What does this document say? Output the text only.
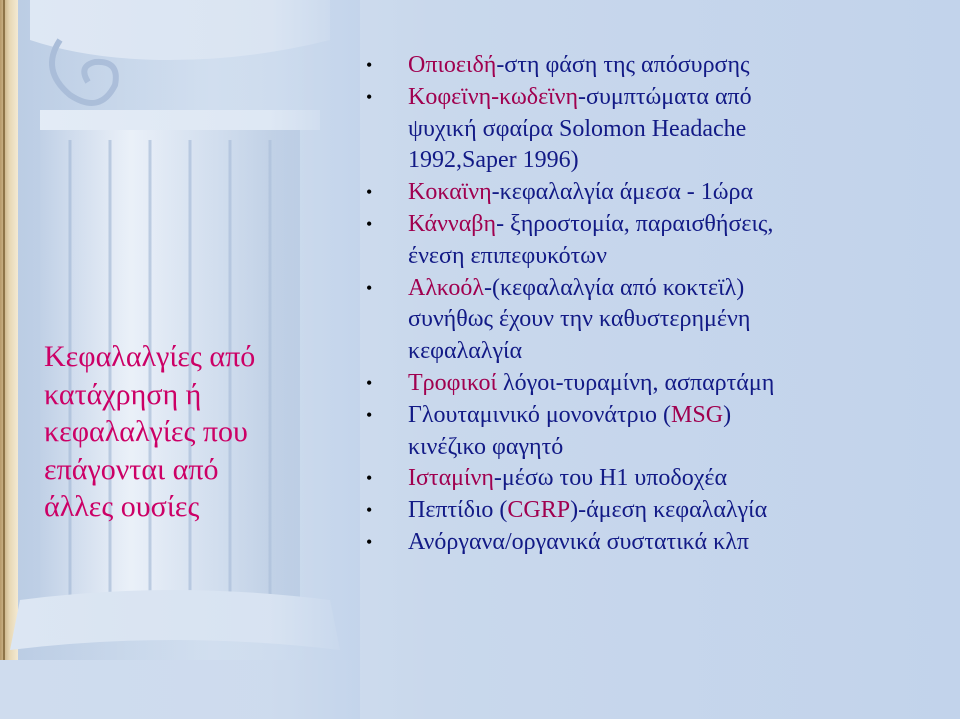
Κεφαλαλγίες από
κατάχρηση ή
κεφαλαλγίες που
επάγονται από
άλλες ουσίες
• Οπιοειδή-στη φάση της απόσυρσης
• Κοφεϊνη-κωδεϊνη-συμπτώματα από
ψυχική σφαίρα Solomon Headache
1992,Saper 1996)
• Κοκαϊνη-κεφαλαλγία άμεσα - 1ώρα
• Κάνναβη- ξηροστομία, παραισθήσεις,
ένεση επιπεφυκότων
• Αλκοόλ-(κεφαλαλγία από κοκτεϊλ)
συνήθως έχουν την καθυστερημένη
κεφαλαλγία
• Τροφικοί λόγοι-τυραμίνη, ασπαρτάμη
• Γλουταμινικό μονονάτριο (MSG)
κινέζικο φαγητό
• Ισταμίνη-μέσω του Η1 υποδοχέα
• Πεπτίδιο (CGRP)-άμεση κεφαλαλγία
• Ανόργανα/οργανικά συστατικά κλπ
